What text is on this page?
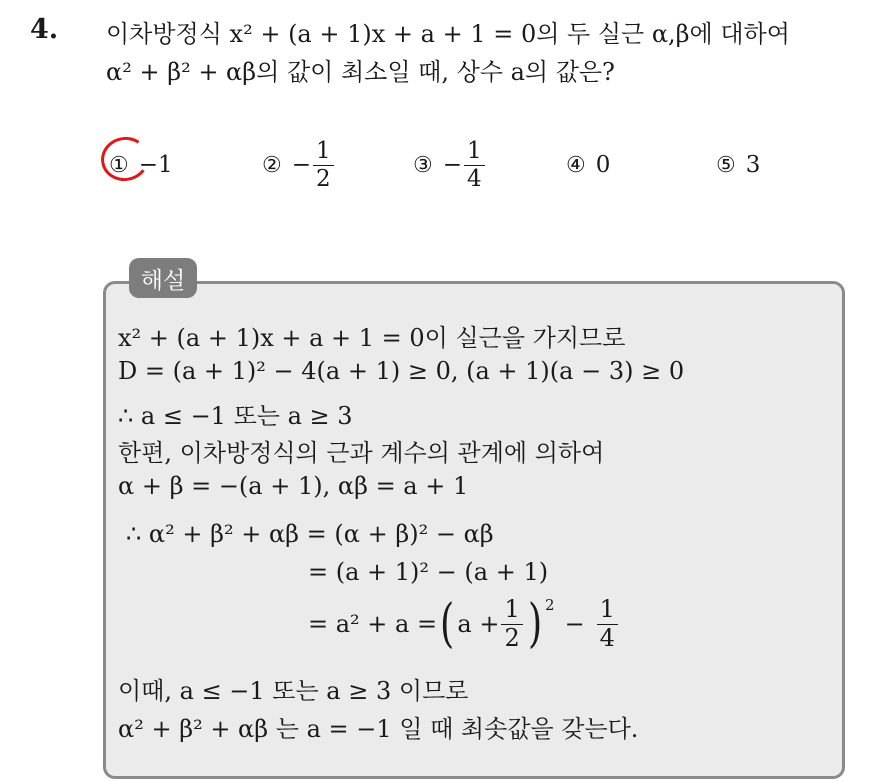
4. 이차방정식 x² + (a + 1)x + a + 1 = 0의 두 실근 α,β에 대하여
α² + β² + αβ의 값이 최소일 때, 상수 a의 값은?
① −1	② − $\frac{1}{2}$	③ − $\frac{1}{4}$	④ 0	⑤ 3
해설
x² + (a + 1)x + a + 1 = 0이 실근을 가지므로
D = (a + 1)² − 4(a + 1) ≥ 0, (a + 1)(a − 3) ≥ 0
∴ a ≤ −1 또는 a ≥ 3
한편, 이차방정식의 근과 계수의 관계에 의하여
α + β = −(a + 1), αβ = a + 1
∴ α² + β² + αβ = (α + β)² − αβ
= (a + 1)² − (a + 1)
= a² + a = ( $a + \frac{1}{2}$ ) 2
− $\frac{1}{4}$
이때, a ≤ −1 또는 a ≥ 3 이므로
α² + β² + αβ 는 a = −1 일 때 최솟값을 갖는다.
